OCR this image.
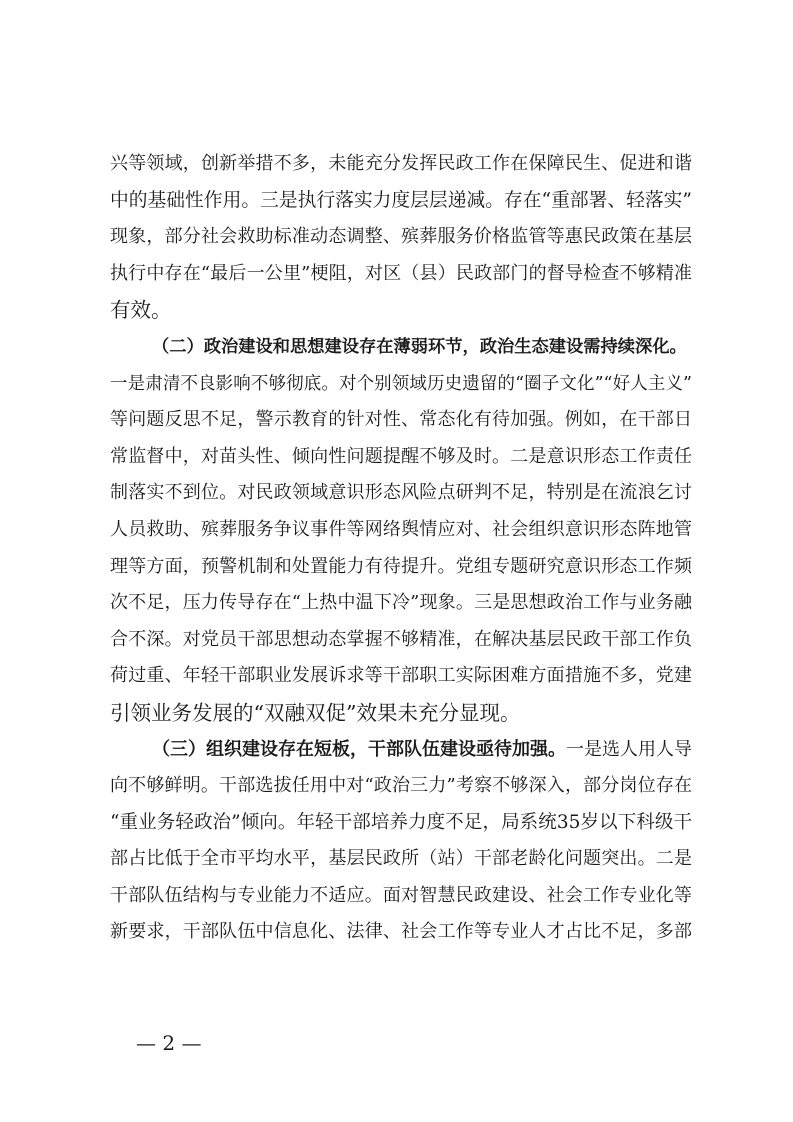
兴等领域，创新举措不多，未能充分发挥民政工作在保障民生、促进和谐
中的基础性作用。三是执行落实力度层层递减。存在“重部署、轻落实”
现象，部分社会救助标准动态调整、殡葬服务价格监管等惠民政策在基层
执行中存在“最后一公里”梗阻，对区（县）民政部门的督导检查不够精准
有效。
（二）政治建设和思想建设存在薄弱环节，政治生态建设需持续深化。
一是肃清不良影响不够彻底。对个别领域历史遗留的“圈子文化”“好人主义”
等问题反思不足，警示教育的针对性、常态化有待加强。例如，在干部日
常监督中，对苗头性、倾向性问题提醒不够及时。二是意识形态工作责任
制落实不到位。对民政领域意识形态风险点研判不足，特别是在流浪乞讨
人员救助、殡葬服务争议事件等网络舆情应对、社会组织意识形态阵地管
理等方面，预警机制和处置能力有待提升。党组专题研究意识形态工作频
次不足，压力传导存在“上热中温下冷”现象。三是思想政治工作与业务融
合不深。对党员干部思想动态掌握不够精准，在解决基层民政干部工作负
荷过重、年轻干部职业发展诉求等干部职工实际困难方面措施不多，党建
引领业务发展的“双融双促”效果未充分显现。
（三）组织建设存在短板，干部队伍建设亟待加强。一是选人用人导
向不够鲜明。干部选拔任用中对“政治三力”考察不够深入，部分岗位存在
“重业务轻政治”倾向。年轻干部培养力度不足，局系统35岁以下科级干
部占比低于全市平均水平，基层民政所（站）干部老龄化问题突出。二是
干部队伍结构与专业能力不适应。面对智慧民政建设、社会工作专业化等
新要求，干部队伍中信息化、法律、社会工作等专业人才占比不足，多部
— 2 —
